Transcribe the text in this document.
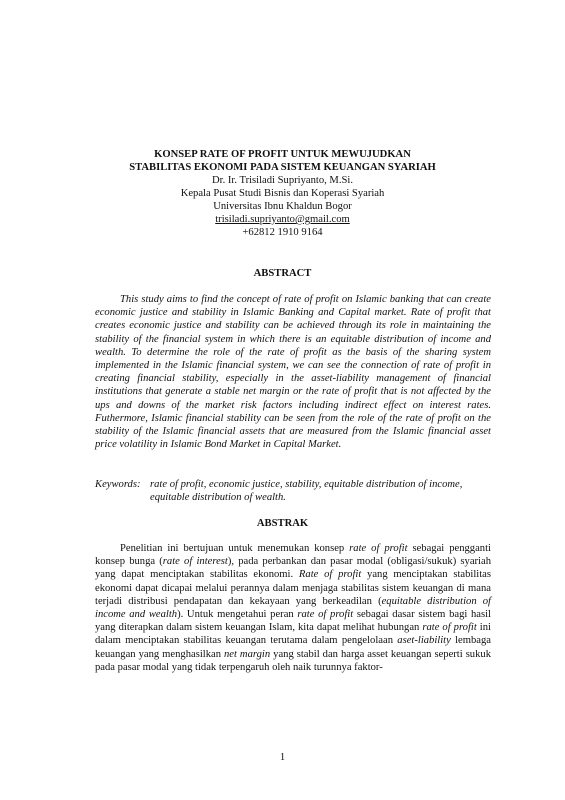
KONSEP RATE OF PROFIT UNTUK MEWUJUDKAN
STABILITAS EKONOMI PADA SISTEM KEUANGAN SYARIAH
Dr. Ir. Trisiladi Supriyanto, M.Si.
Kepala Pusat Studi Bisnis dan Koperasi Syariah
Universitas Ibnu Khaldun Bogor
trisiladi.supriyanto@gmail.com
+62812 1910 9164
ABSTRACT

This study aims to find the concept of rate of profit on Islamic banking that can create economic justice and stability in Islamic Banking and Capital market. Rate of profit that creates economic justice and stability can be achieved through its role in maintaining the stability of the financial system in which there is an equitable distribution of income and wealth. To determine the role of the rate of profit as the basis of the sharing system implemented in the Islamic financial system, we can see the connection of rate of profit in creating financial stability, especially in the asset-liability management of financial institutions that generate a stable net margin or the rate of profit that is not affected by the ups and downs of the market risk factors including indirect effect on interest rates. Futhermore, Islamic financial stability can be seen from the role of the rate of profit on the stability of the Islamic financial assets that are measured from the Islamic financial asset price volatility in Islamic Bond Market in Capital Market.

Keywords: rate of profit, economic justice, stability, equitable distribution of income, equitable distribution of wealth.
ABSTRAK

Penelitian ini bertujuan untuk menemukan konsep rate of profit sebagai pengganti konsep bunga (rate of interest), pada perbankan dan pasar modal (obligasi/sukuk) syariah yang dapat menciptakan stabilitas ekonomi. Rate of profit yang menciptakan stabilitas ekonomi dapat dicapai melalui perannya dalam menjaga stabilitas sistem keuangan di mana terjadi distribusi pendapatan dan kekayaan yang berkeadilan (equitable distribution of income and wealth). Untuk mengetahui peran rate of profit sebagai dasar sistem bagi hasil yang diterapkan dalam sistem keuangan Islam, kita dapat melihat hubungan rate of profit ini dalam menciptakan stabilitas keuangan terutama dalam pengelolaan aset-liability lembaga keuangan yang menghasilkan net margin yang stabil dan harga asset keuangan seperti sukuk pada pasar modal yang tidak terpengaruh oleh naik turunnya faktor-

1
